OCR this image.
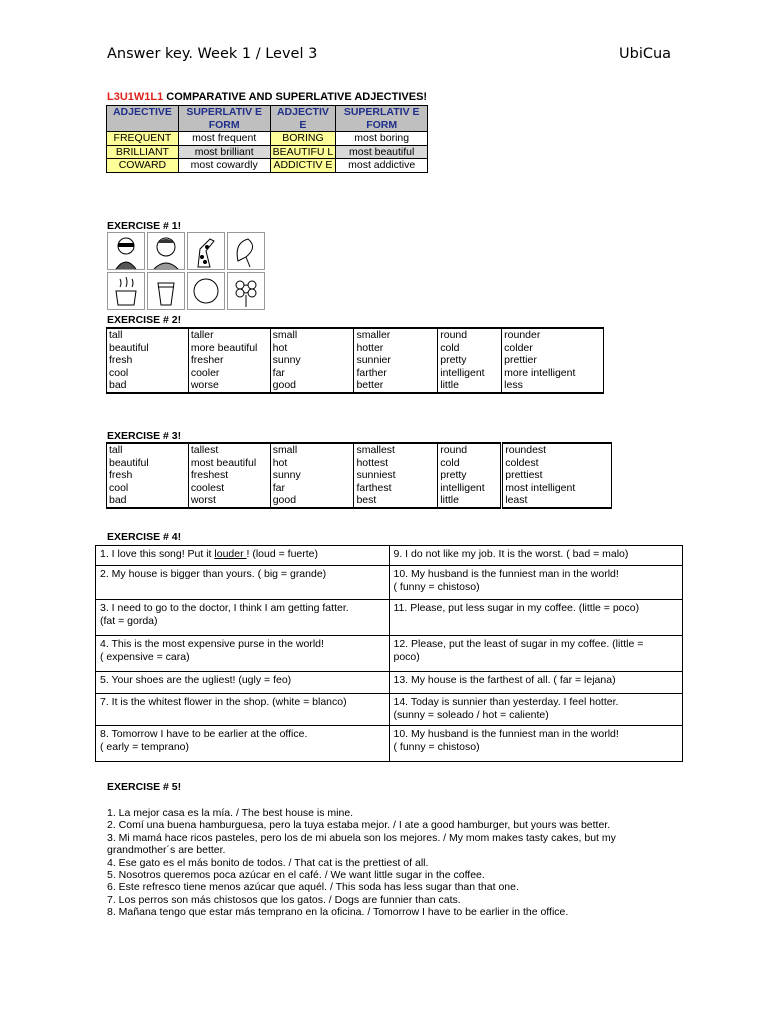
Answer key. Week 1 / Level 3	UbiCua
L3U1W1L1 COMPARATIVE AND SUPERLATIVE ADJECTIVES!
ADJECTIVE	SUPERLATIV E FORM	ADJECTIV E	SUPERLATIV E FORM
FREQUENT	most frequent	BORING	most boring
BRILLIANT	most brilliant	BEAUTIFU L	most beautiful
COWARD	most cowardly	ADDICTIV E	most addictive
EXERCISE # 1!
EXERCISE # 2!
tall	taller	small	smaller	round	rounder
beautiful	more beautiful	hot	hotter	cold	colder
fresh	fresher	sunny	sunnier	pretty	prettier
cool	cooler	far	farther	intelligent	more intelligent
bad	worse	good	better	little	less
EXERCISE # 3!
tall	tallest	small	smallest	round	roundest
beautiful	most beautiful	hot	hottest	cold	coldest
fresh	freshest	sunny	sunniest	pretty	prettiest
cool	coolest	far	farthest	intelligent	most intelligent
bad	worst	good	best	little	least
EXERCISE # 4!
1. I love this song! Put it louder ! (loud = fuerte)	9. I do not like my job. It is the worst. ( bad = malo)
2. My house is bigger than yours. ( big = grande)	10. My husband is the funniest man in the world!
( funny = chistoso)
3. I need to go to the doctor, I think I am getting fatter.
(fat = gorda)	11. Please, put less sugar in my coffee. (little = poco)
4. This is the most expensive purse in the world!
( expensive = cara)	12. Please, put the least of sugar in my coffee. (little =
poco)
5. Your shoes are the ugliest! (ugly = feo)	13. My house is the farthest of all. ( far = lejana)
7. It is the whitest flower in the shop. (white = blanco)	14. Today is sunnier than yesterday. I feel hotter.
(sunny = soleado / hot = caliente)
8. Tomorrow I have to be earlier at the office.
( early = temprano)	10. My husband is the funniest man in the world!
( funny = chistoso)
EXERCISE # 5!
1. La mejor casa es la mía. / The best house is mine.
2. Comí una buena hamburguesa, pero la tuya estaba mejor. / I ate a good hamburger, but yours was better.
3. Mi mamá hace ricos pasteles, pero los de mi abuela son los mejores. / My mom makes tasty cakes, but my grandmother´s are better.
4. Ese gato es el más bonito de todos. / That cat is the prettiest of all.
5. Nosotros queremos poca azúcar en el café. / We want little sugar in the coffee.
6. Este refresco tiene menos azúcar que aquél. / This soda has less sugar than that one.
7. Los perros son más chistosos que los gatos. / Dogs are funnier than cats.
8. Mañana tengo que estar más temprano en la oficina. / Tomorrow I have to be earlier in the office.
